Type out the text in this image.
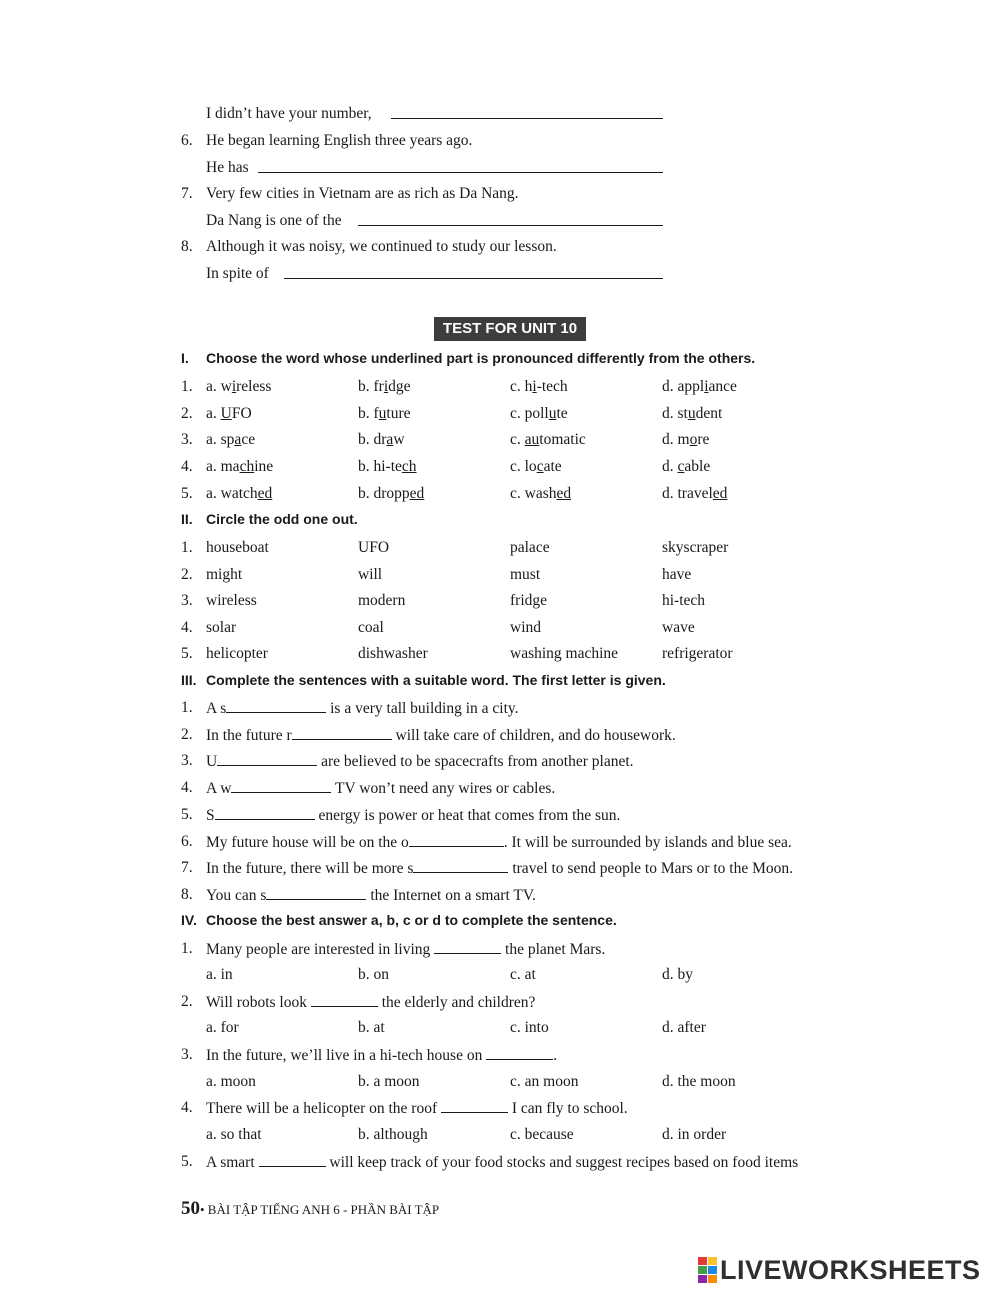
I didn’t have your number,
6. He began learning English three years ago.
He has
7. Very few cities in Vietnam are as rich as Da Nang.
Da Nang is one of the
8. Although it was noisy, we continued to study our lesson.
In spite of
TEST FOR UNIT 10
I. Choose the word whose underlined part is pronounced differently from the others.
1. a. wireless	b. fridge	c. hi-tech	d. appliance
2. a. UFO	b. future	c. pollute	d. student
3. a. space	b. draw	c. automatic	d. more
4. a. machine	b. hi-tech	c. locate	d. cable
5. a. watched	b. dropped	c. washed	d. traveled
II. Circle the odd one out.
1. houseboat	UFO	palace	skyscraper
2. might	will	must	have
3. wireless	modern	fridge	hi-tech
4. solar	coal	wind	wave
5. helicopter	dishwasher	washing machine	refrigerator
III. Complete the sentences with a suitable word. The first letter is given.
1. A s	is a very tall building in a city.
2. In the future r	will take care of children, and do housework.
3. U	are believed to be spacecrafts from another planet.
4. A w	TV won’t need any wires or cables.
5. S	energy is power or heat that comes from the sun.
6. My future house will be on the o	. It will be surrounded by islands and blue sea.
7. In the future, there will be more s	travel to send people to Mars or to the Moon.
8. You can s	the Internet on a smart TV.
IV. Choose the best answer a, b, c or d to complete the sentence.
1. Many people are interested in living	the planet Mars.
a. in	b. on	c. at	d. by
2. Will robots look	the elderly and children?
a. for	b. at	c. into	d. after
3. In the future, we’ll live in a hi-tech house on	.
a. moon	b. a moon	c. an moon	d. the moon
4. There will be a helicopter on the roof	I can fly to school.
a. so that	b. although	c. because	d. in order
5. A smart	will keep track of your food stocks and suggest recipes based on food items
50• BÀI TẬP TIẾNG ANH 6 - PHẦN BÀI TẬP
LIVEWORKSHEETS
